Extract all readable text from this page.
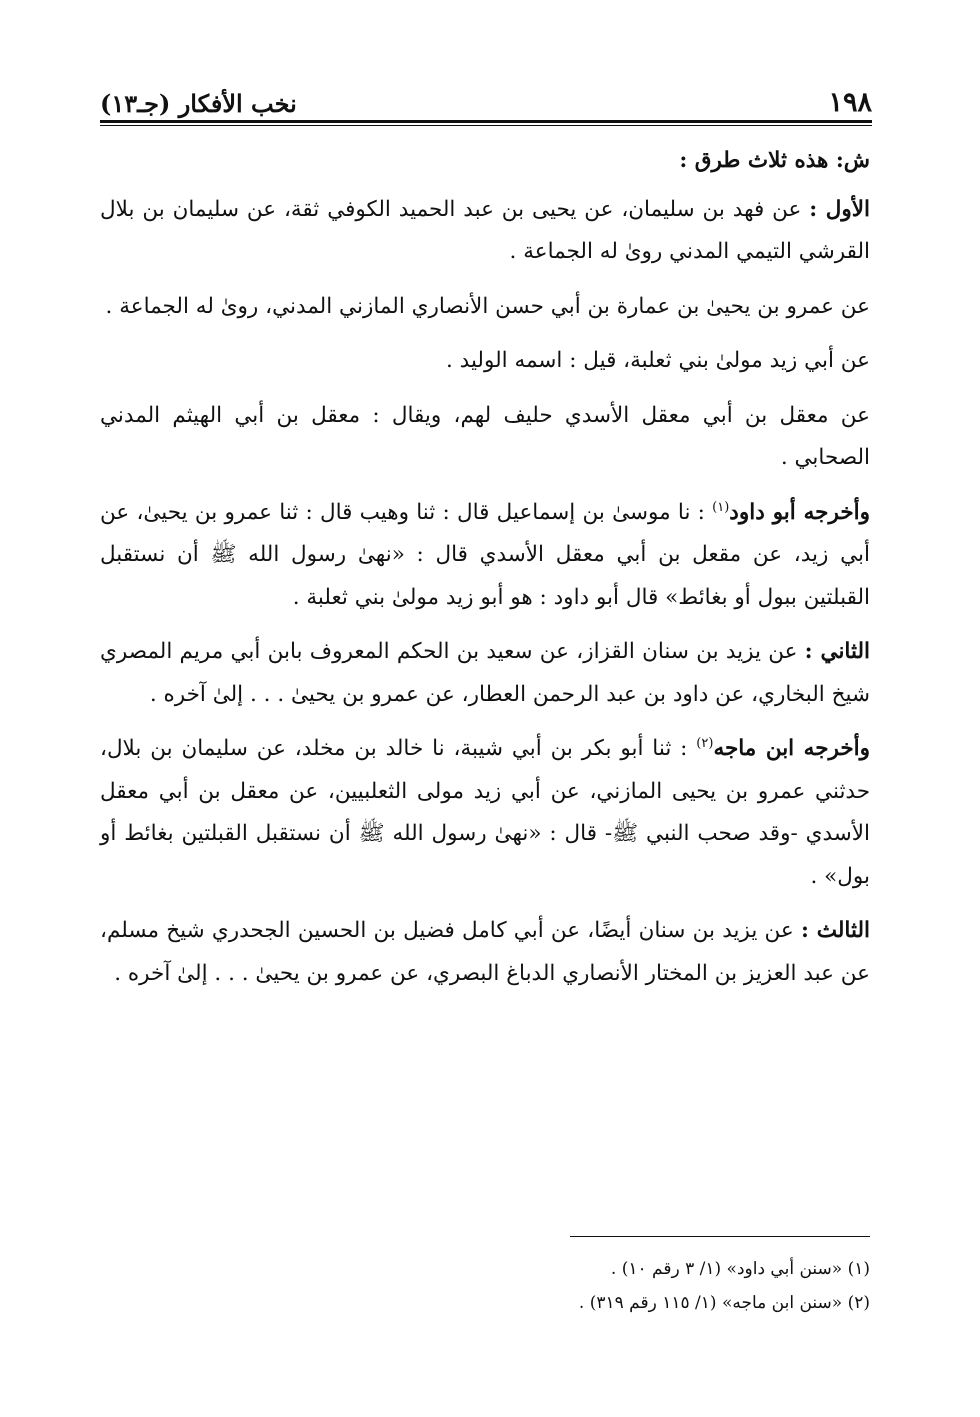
١٩٨
نخب الأفكار (جـ١٣)

ش: هذه ثلاث طرق :

الأول : عن فهد بن سليمان، عن يحيى بن عبد الحميد الكوفي ثقة، عن سليمان بن بلال القرشي التيمي المدني روىٰ له الجماعة .

عن عمرو بن يحيىٰ بن عمارة بن أبي حسن الأنصاري المازني المدني، روىٰ له الجماعة .

عن أبي زيد مولىٰ بني ثعلبة، قيل : اسمه الوليد .

عن معقل بن أبي معقل الأسدي حليف لهم، ويقال : معقل بن أبي الهيثم المدني الصحابي .

وأخرجه أبو داود$^{(١)}$ : نا موسىٰ بن إسماعيل قال : ثنا وهيب قال : ثنا عمرو بن يحيىٰ، عن أبي زيد، عن مقعل بن أبي معقل الأسدي قال : «نهىٰ رسول الله ﷺ أن نستقبل القبلتين ببول أو بغائط» قال أبو داود : هو أبو زيد مولىٰ بني ثعلبة .

الثاني : عن يزيد بن سنان القزاز، عن سعيد بن الحكم المعروف بابن أبي مريم المصري شيخ البخاري، عن داود بن عبد الرحمن العطار، عن عمرو بن يحيىٰ . . . إلىٰ آخره .

وأخرجه ابن ماجه$^{(٢)}$ : ثنا أبو بكر بن أبي شيبة، نا خالد بن مخلد، عن سليمان بن بلال، حدثني عمرو بن يحيى المازني، عن أبي زيد مولى الثعلبيين، عن معقل بن أبي معقل الأسدي -وقد صحب النبي ﷺ- قال : «نهىٰ رسول الله ﷺ أن نستقبل القبلتين بغائط أو بول» .

الثالث : عن يزيد بن سنان أيضًا، عن أبي كامل فضيل بن الحسين الجحدري شيخ مسلم، عن عبد العزيز بن المختار الأنصاري الدباغ البصري، عن عمرو بن يحيىٰ . . . إلىٰ آخره .

(١) «سنن أبي داود» (١/ ٣ رقم ١٠) .
(٢) «سنن ابن ماجه» (١/ ١١٥ رقم ٣١٩) .
